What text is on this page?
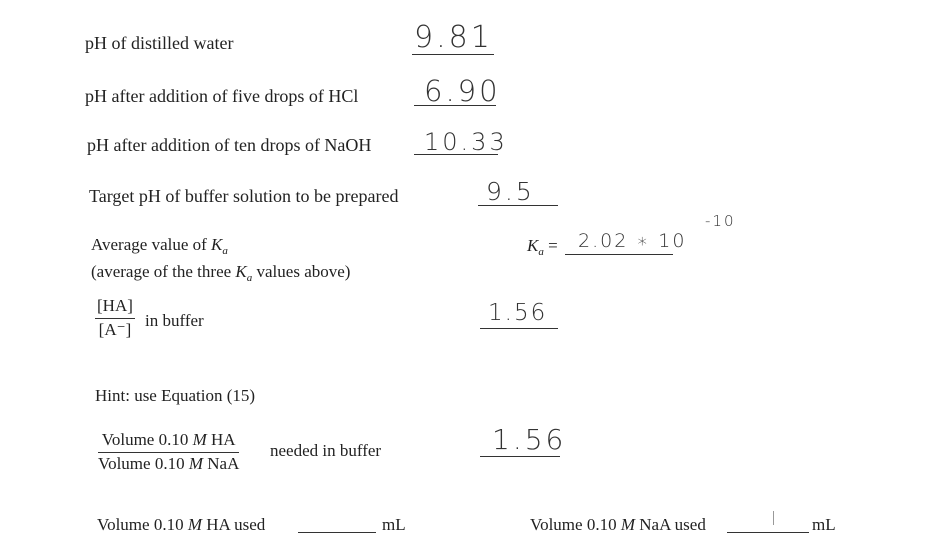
pH of distilled water	9.81
pH after addition of five drops of HCl 6.90
pH after addition of ten drops of NaOH 10.33
Target pH of buffer solution to be prepared	9.5
Average value of $K_a$
(average of the three $K_a$ values above)
$K_a = 2.02$ ∗ 10
-10
$\frac{[HA]}{[A^-]}$ in buffer	1.56
Hint: use Equation (15)
Volume 0.10 M HA
Volume 0.10 M NaA
needed in buffer	1.56
Volume 0.10 M HA used	mL	Volume 0.10 M NaA used	mL
